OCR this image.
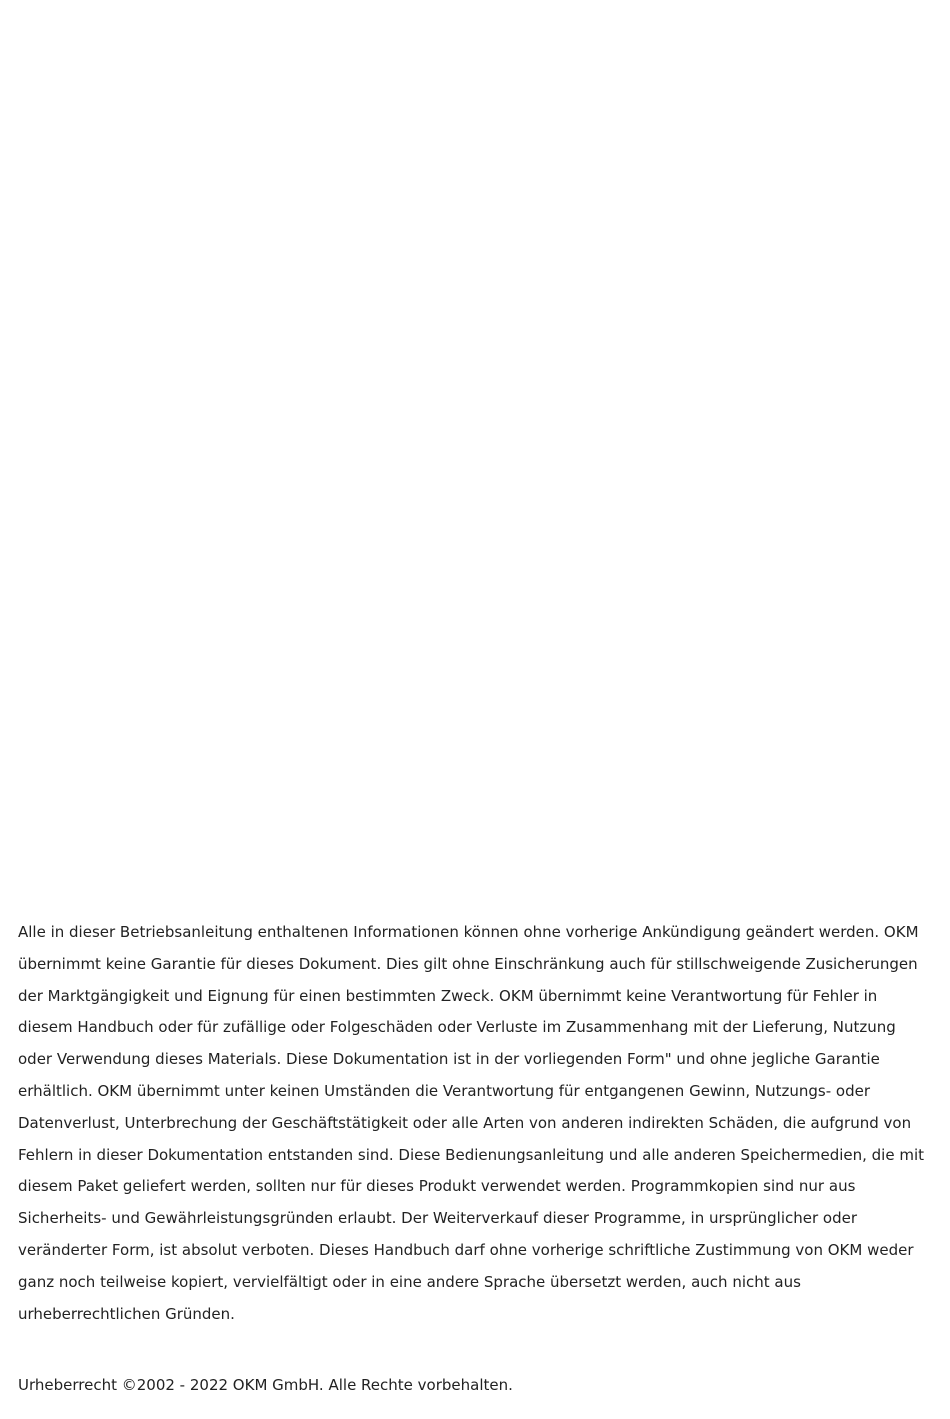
Alle in dieser Betriebsanleitung enthaltenen Informationen können ohne vorherige Ankündigung geändert werden. OKM übernimmt keine Garantie für dieses Dokument. Dies gilt ohne Einschränkung auch für stillschweigende Zusicherungen der Marktgängigkeit und Eignung für einen bestimmten Zweck. OKM übernimmt keine Verantwortung für Fehler in diesem Handbuch oder für zufällige oder Folgeschäden oder Verluste im Zusammenhang mit der Lieferung, Nutzung oder Verwendung dieses Materials. Diese Dokumentation ist in der vorliegenden Form" und ohne jegliche Garantie erhältlich. OKM übernimmt unter keinen Umständen die Verantwortung für entgangenen Gewinn, Nutzungs- oder Datenverlust, Unterbrechung der Geschäftstätigkeit oder alle Arten von anderen indirekten Schäden, die aufgrund von Fehlern in dieser Dokumentation entstanden sind. Diese Bedienungsanleitung und alle anderen Speichermedien, die mit diesem Paket geliefert werden, sollten nur für dieses Produkt verwendet werden. Programmkopien sind nur aus Sicherheits- und Gewährleistungsgründen erlaubt. Der Weiterverkauf dieser Programme, in ursprünglicher oder veränderter Form, ist absolut verboten. Dieses Handbuch darf ohne vorherige schriftliche Zustimmung von OKM weder ganz noch teilweise kopiert, vervielfältigt oder in eine andere Sprache übersetzt werden, auch nicht aus urheberrechtlichen Gründen.

Urheberrecht ©2002 - 2022 OKM GmbH. Alle Rechte vorbehalten.
